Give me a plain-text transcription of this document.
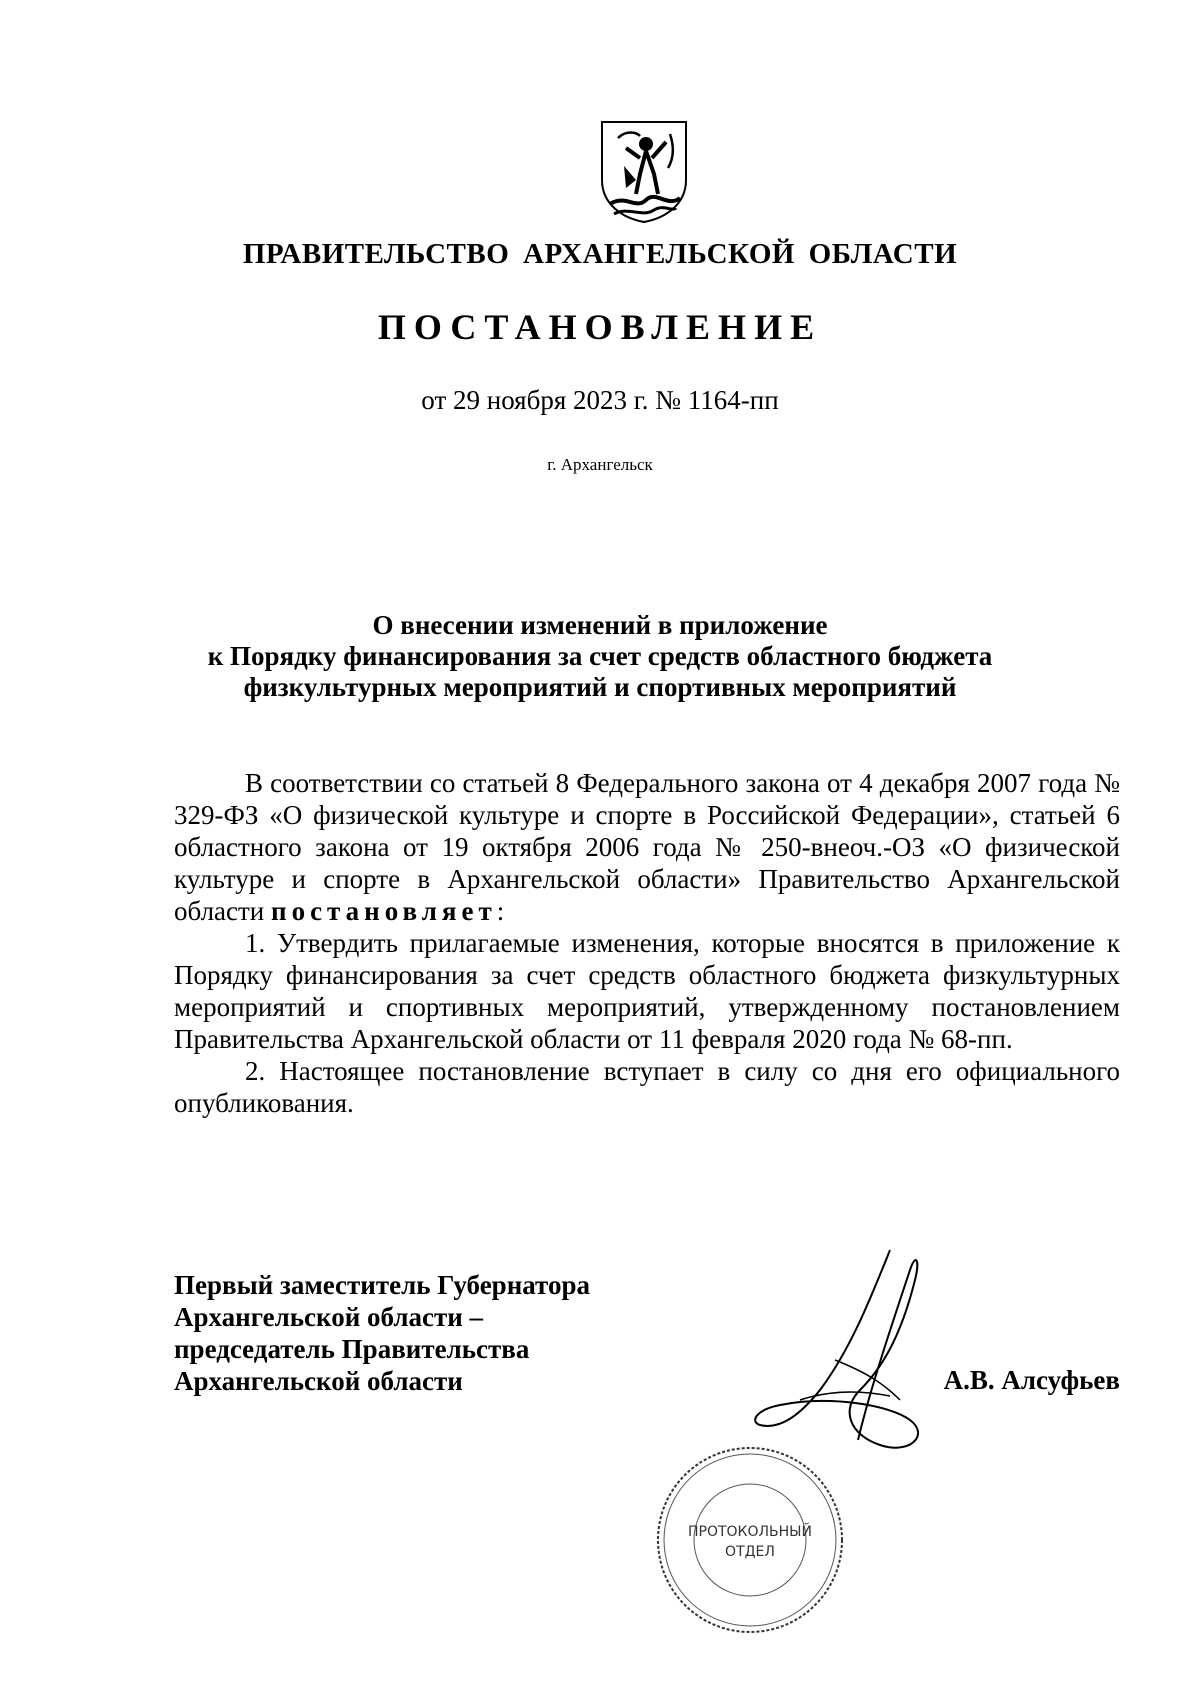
ПРАВИТЕЛЬСТВО АРХАНГЕЛЬСКОЙ ОБЛАСТИ
ПОСТАНОВЛЕНИЕ
от 29 ноября 2023 г. № 1164-пп
г. Архангельск
О внесении изменений в приложение
к Порядку финансирования за счет средств областного бюджета
физкультурных мероприятий и спортивных мероприятий

В соответствии со статьей 8 Федерального закона от 4 декабря 2007 года № 329-ФЗ «О физической культуре и спорте в Российской Федерации», статьей 6 областного закона от 19 октября 2006 года № 250-внеоч.-ОЗ «О физической культуре и спорте в Архангельской области» Правительство Архангельской области постановляет:

1. Утвердить прилагаемые изменения, которые вносятся в приложение к Порядку финансирования за счет средств областного бюджета физкультурных мероприятий и спортивных мероприятий, утвержденному постановлением Правительства Архангельской области от 11 февраля 2020 года № 68-пп.

2. Настоящее постановление вступает в силу со дня его официального опубликования.

Первый заместитель Губернатора
Архангельской области –
председатель Правительства
Архангельской области
ПРОТОКОЛЬНЫЙ
ОТДЕЛ
А.В. Алсуфьев
